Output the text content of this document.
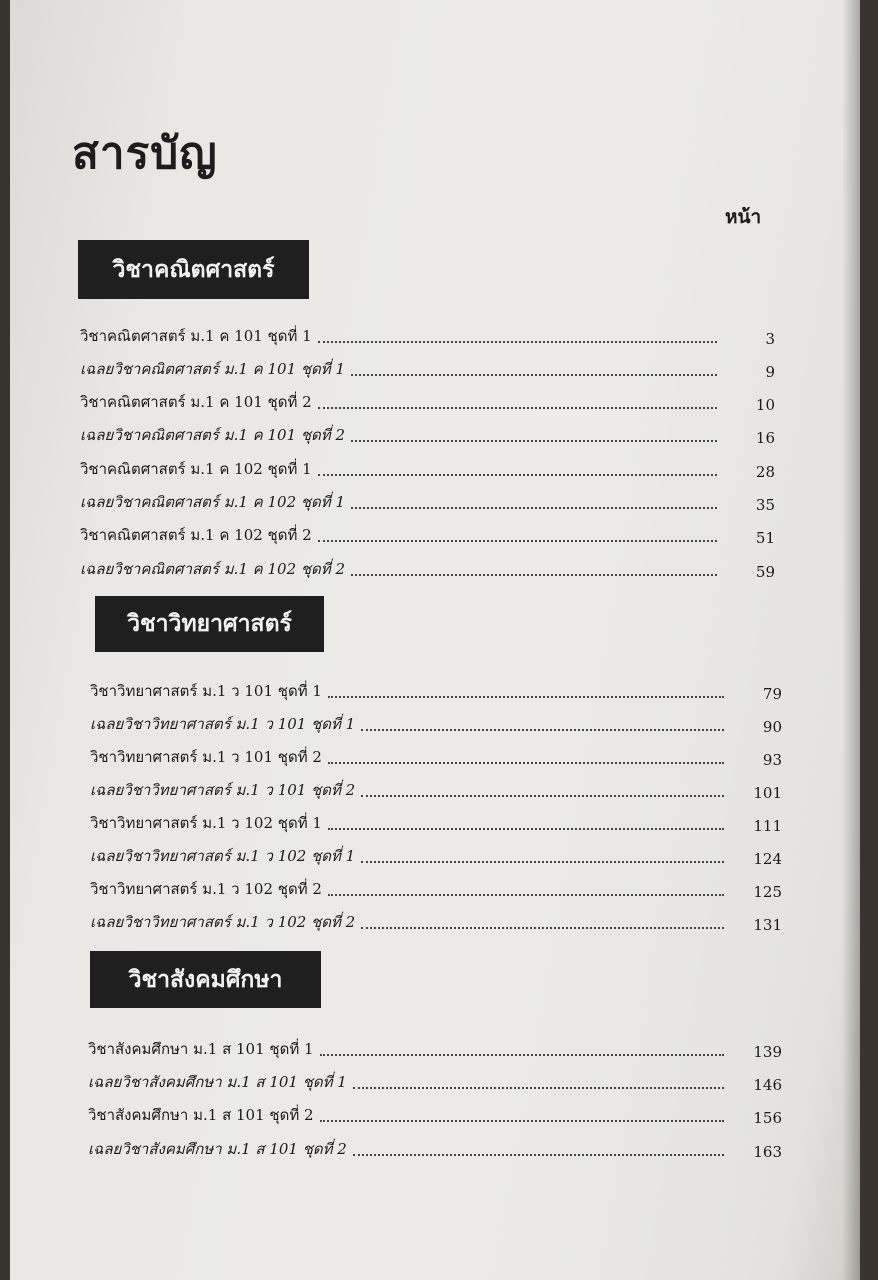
สารบัญ
หน้า
วิชาคณิตศาสตร์
วิชาวิทยาศาสตร์
วิชาสังคมศึกษา
วิชาคณิตศาสตร์ ม.1 ค 101 ชุดที่ 1	3
เฉลยวิชาคณิตศาสตร์ ม.1 ค 101 ชุดที่ 1	9
วิชาคณิตศาสตร์ ม.1 ค 101 ชุดที่ 2	10
เฉลยวิชาคณิตศาสตร์ ม.1 ค 101 ชุดที่ 2	16
วิชาคณิตศาสตร์ ม.1 ค 102 ชุดที่ 1	28
เฉลยวิชาคณิตศาสตร์ ม.1 ค 102 ชุดที่ 1	35
วิชาคณิตศาสตร์ ม.1 ค 102 ชุดที่ 2	51
เฉลยวิชาคณิตศาสตร์ ม.1 ค 102 ชุดที่ 2	59
วิชาวิทยาศาสตร์ ม.1 ว 101 ชุดที่ 1	79
เฉลยวิชาวิทยาศาสตร์ ม.1 ว 101 ชุดที่ 1	90
วิชาวิทยาศาสตร์ ม.1 ว 101 ชุดที่ 2	93
เฉลยวิชาวิทยาศาสตร์ ม.1 ว 101 ชุดที่ 2	101
วิชาวิทยาศาสตร์ ม.1 ว 102 ชุดที่ 1	111
เฉลยวิชาวิทยาศาสตร์ ม.1 ว 102 ชุดที่ 1	124
วิชาวิทยาศาสตร์ ม.1 ว 102 ชุดที่ 2	125
เฉลยวิชาวิทยาศาสตร์ ม.1 ว 102 ชุดที่ 2	131
วิชาสังคมศึกษา ม.1 ส 101 ชุดที่ 1	139
เฉลยวิชาสังคมศึกษา ม.1 ส 101 ชุดที่ 1	146
วิชาสังคมศึกษา ม.1 ส 101 ชุดที่ 2	156
เฉลยวิชาสังคมศึกษา ม.1 ส 101 ชุดที่ 2	163
